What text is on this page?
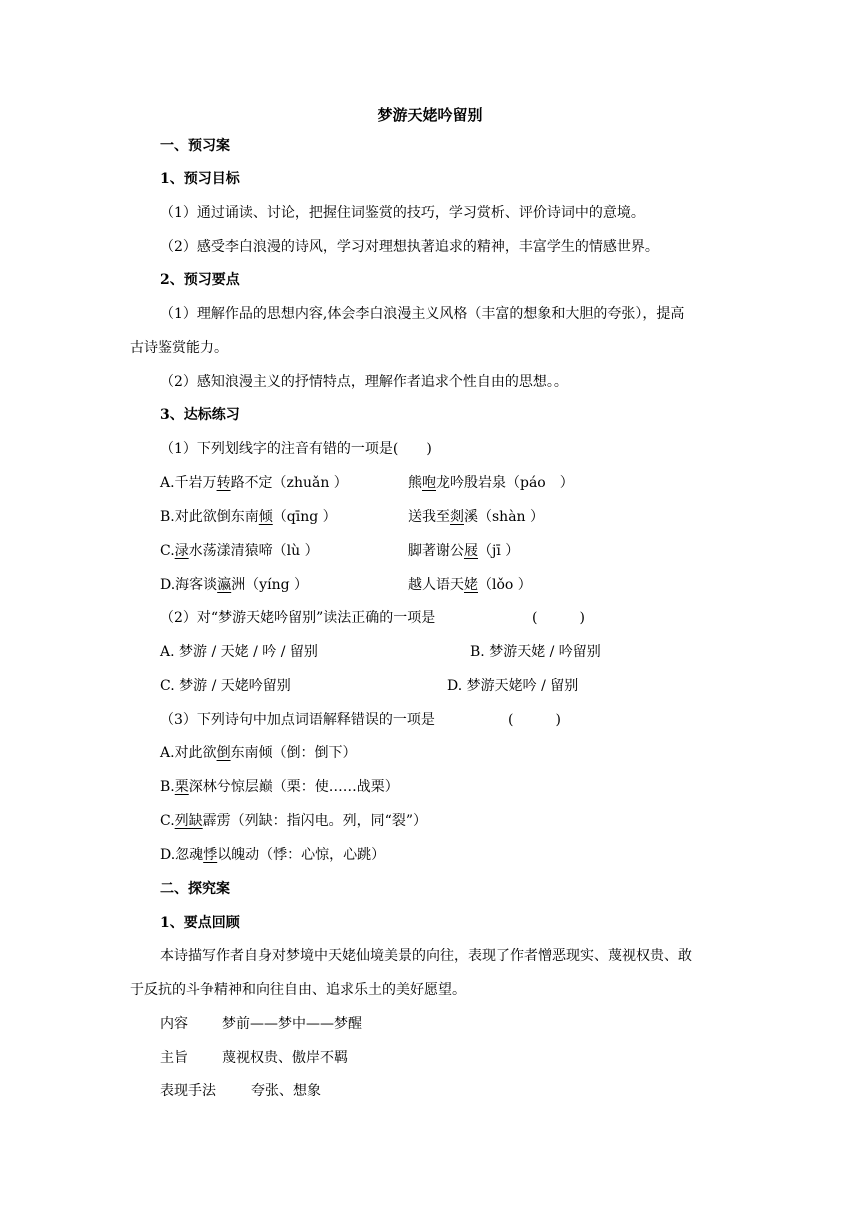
梦游天姥吟留别
一、预习案
1、预习目标
（1）通过诵读、讨论，把握住词鉴赏的技巧，学习赏析、评价诗词中的意境。
（2）感受李白浪漫的诗风，学习对理想执著追求的精神，丰富学生的情感世界。
2、预习要点
（1）理解作品的思想内容,体会李白浪漫主义风格（丰富的想象和大胆的夸张），提高
古诗鉴赏能力。
（2）感知浪漫主义的抒情特点，理解作者追求个性自由的思想。。
3、达标练习
（1）下列划线字的注音有错的一项是(　　)
A.千岩万转路不定（zhuǎn ）	熊咆龙吟殷岩泉（páo　）
B.对此欲倒东南倾（qīng ）	送我至剡溪（shàn ）
C.渌水荡漾清猿啼（lù ）	脚著谢公屐（jī ）
D.海客谈瀛洲（yíng ）	越人语天姥（lǒo ）
（2）对“梦游天姥吟留别”读法正确的一项是	(　　　)
A. 梦游 / 天姥 / 吟 / 留别	B. 梦游天姥 / 吟留别
C. 梦游 / 天姥吟留别	D. 梦游天姥吟 / 留别
（3）下列诗句中加点词语解释错误的一项是	(　　　)
A.对此欲倒东南倾（倒：倒下）
B.栗深林兮惊层巅（栗：使……战栗）
C.列缺霹雳（列缺：指闪电。列，同“裂”）
D.忽魂悸以魄动（悸：心惊，心跳）
二、探究案
1、要点回顾
本诗描写作者自身对梦境中天姥仙境美景的向往，表现了作者憎恶现实、蔑视权贵、敢
于反抗的斗争精神和向往自由、追求乐土的美好愿望。
内容 梦前——梦中——梦醒
主旨 蔑视权贵、傲岸不羁
表现手法	夸张、想象
